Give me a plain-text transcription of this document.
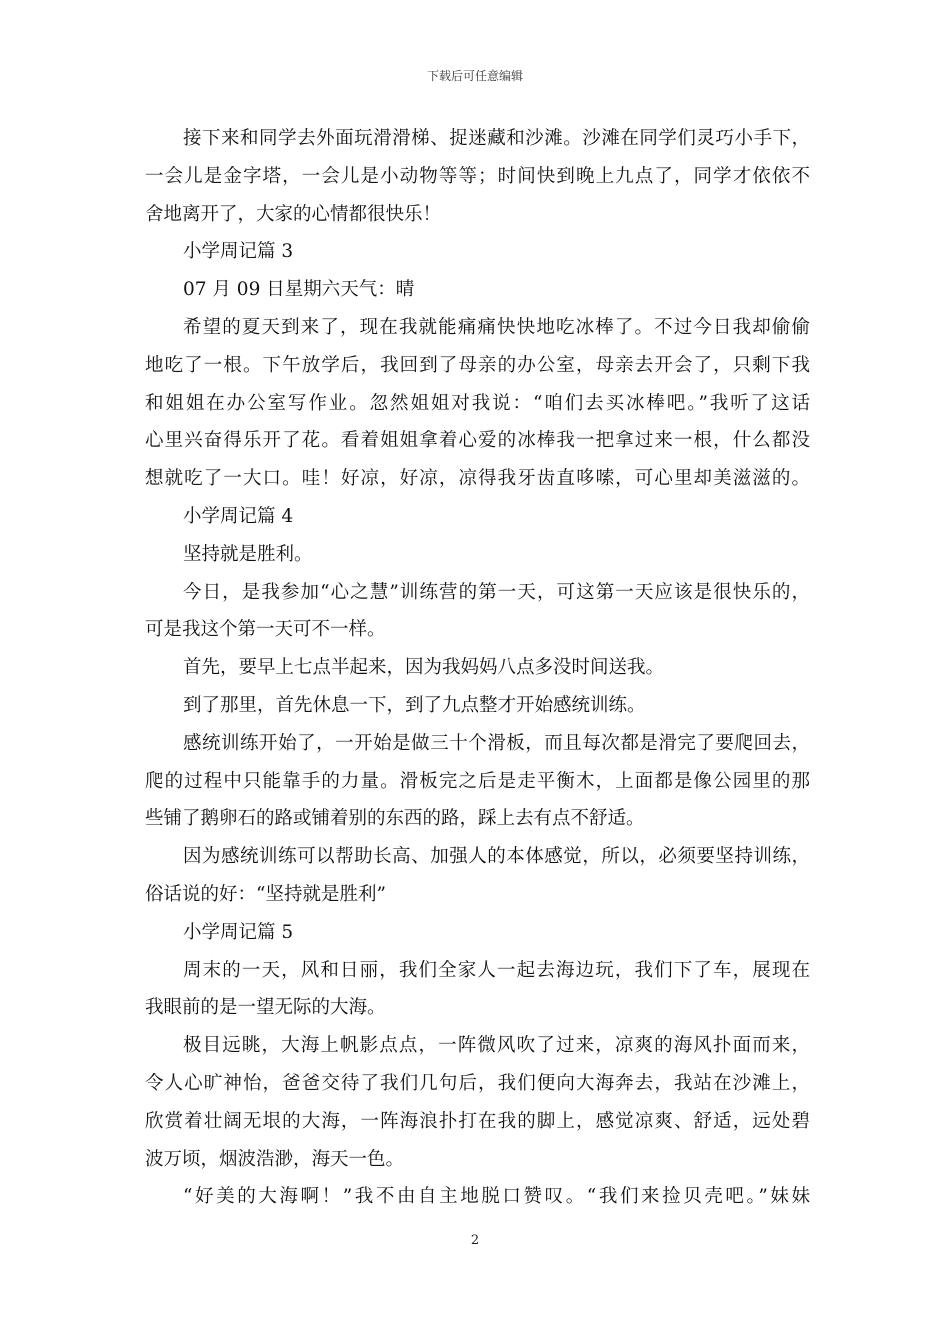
下载后可任意编辑
接下来和同学去外面玩滑滑梯、捉迷藏和沙滩。沙滩在同学们灵巧小手下，
一会儿是金字塔，一会儿是小动物等等；时间快到晚上九点了，同学才依依不
舍地离开了，大家的心情都很快乐！
小学周记篇 3
07 月 09 日星期六天气：晴
希望的夏天到来了，现在我就能痛痛快快地吃冰棒了。不过今日我却偷偷
地吃了一根。下午放学后，我回到了母亲的办公室，母亲去开会了，只剩下我
和姐姐在办公室写作业。忽然姐姐对我说：“咱们去买冰棒吧。”我听了这话
心里兴奋得乐开了花。看着姐姐拿着心爱的冰棒我一把拿过来一根，什么都没
想就吃了一大口。哇！好凉，好凉，凉得我牙齿直哆嗦，可心里却美滋滋的。
小学周记篇 4
坚持就是胜利。
今日，是我参加“心之慧”训练营的第一天，可这第一天应该是很快乐的，
可是我这个第一天可不一样。
首先，要早上七点半起来，因为我妈妈八点多没时间送我。
到了那里，首先休息一下，到了九点整才开始感统训练。
感统训练开始了，一开始是做三十个滑板，而且每次都是滑完了要爬回去，
爬的过程中只能靠手的力量。滑板完之后是走平衡木，上面都是像公园里的那
些铺了鹅卵石的路或铺着别的东西的路，踩上去有点不舒适。
因为感统训练可以帮助长高、加强人的本体感觉，所以，必须要坚持训练，
俗话说的好：“坚持就是胜利”
小学周记篇 5
周末的一天，风和日丽，我们全家人一起去海边玩，我们下了车，展现在
我眼前的是一望无际的大海。
极目远眺，大海上帆影点点，一阵微风吹了过来，凉爽的海风扑面而来，
令人心旷神怡，爸爸交待了我们几句后，我们便向大海奔去，我站在沙滩上，
欣赏着壮阔无垠的大海，一阵海浪扑打在我的脚上，感觉凉爽、舒适，远处碧
波万顷，烟波浩渺，海天一色。
“好美的大海啊！”我不由自主地脱口赞叹。“我们来捡贝壳吧。”妹妹
2
